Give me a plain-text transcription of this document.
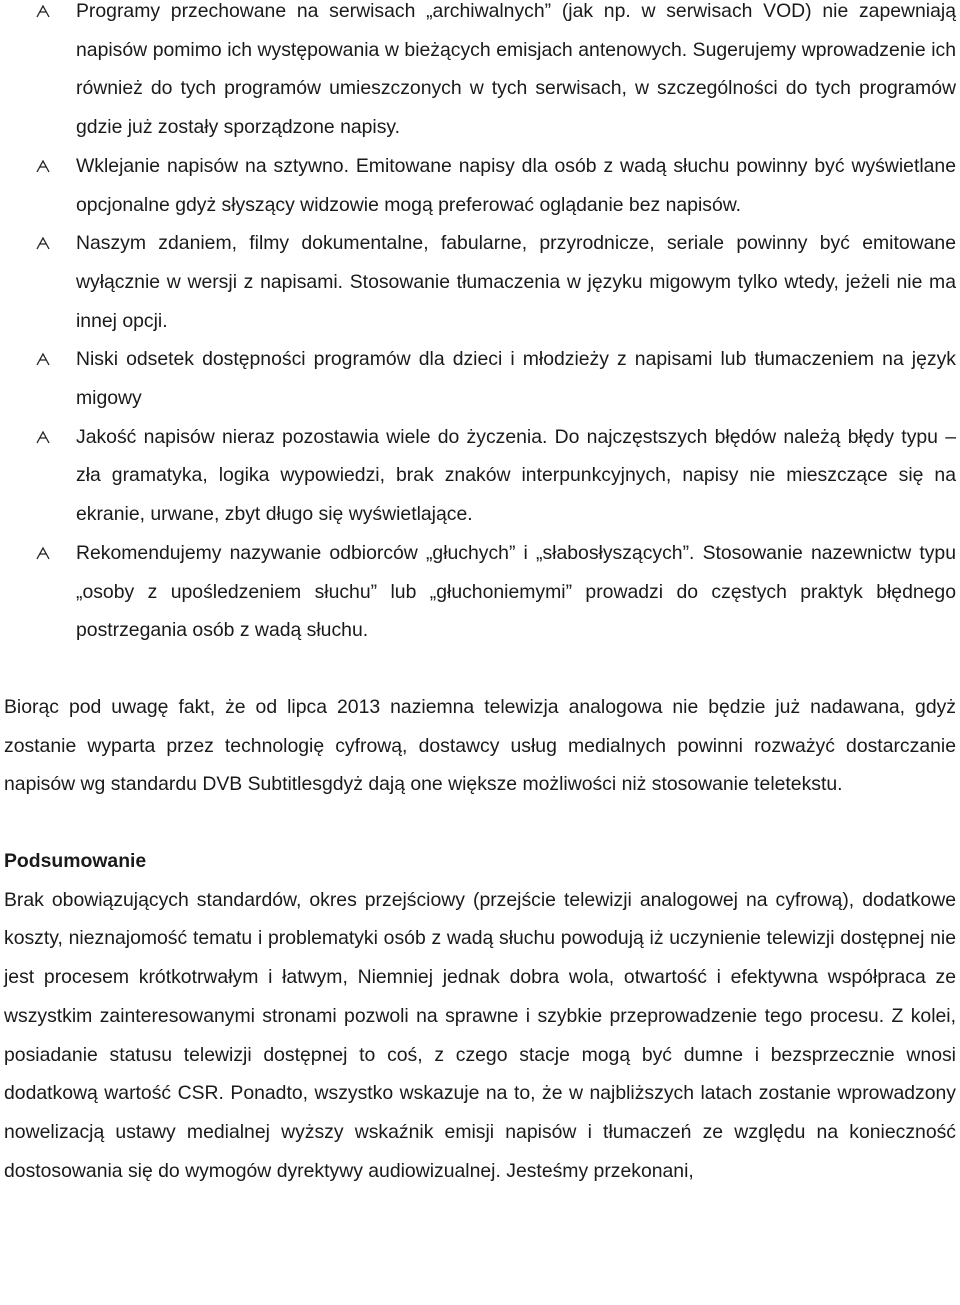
Programy przechowane na serwisach „archiwalnych” (jak np. w serwisach VOD) nie zapewniają napisów pomimo ich występowania w bieżących emisjach antenowych. Sugerujemy wprowadzenie ich również do tych programów umieszczonych w tych serwisach, w szczególności do tych programów gdzie już zostały sporządzone napisy.
Wklejanie napisów na sztywno. Emitowane napisy dla osób z wadą słuchu powinny być wyświetlane opcjonalne gdyż słyszący widzowie mogą preferować oglądanie bez napisów.
Naszym zdaniem, filmy dokumentalne, fabularne, przyrodnicze, seriale powinny być emitowane wyłącznie w wersji z napisami. Stosowanie tłumaczenia w języku migowym tylko wtedy, jeżeli nie ma innej opcji.
Niski odsetek dostępności programów dla dzieci i młodzieży z napisami lub tłumaczeniem na język migowy
Jakość napisów nieraz pozostawia wiele do życzenia. Do najczęstszych błędów należą błędy typu – zła gramatyka, logika wypowiedzi, brak znaków interpunkcyjnych, napisy nie mieszczące się na ekranie, urwane, zbyt długo się wyświetlające.
Rekomendujemy nazywanie odbiorców „głuchych” i „słabosłyszących”. Stosowanie nazewnictw typu „osoby z upośledzeniem słuchu” lub „głuchoniemymi” prowadzi do częstych praktyk błędnego postrzegania osób z wadą słuchu.

Biorąc pod uwagę fakt, że od lipca 2013 naziemna telewizja analogowa nie będzie już nadawana, gdyż zostanie wyparta przez technologię cyfrową, dostawcy usług medialnych powinni rozważyć dostarczanie napisów wg standardu DVB Subtitlesgdyż dają one większe możliwości niż stosowanie teletekstu.

Podsumowanie

Brak obowiązujących standardów, okres przejściowy (przejście telewizji analogowej na cyfrową), dodatkowe koszty, nieznajomość tematu i problematyki osób z wadą słuchu powodują iż uczynienie telewizji dostępnej nie jest procesem krótkotrwałym i łatwym, Niemniej jednak dobra wola, otwartość i efektywna współpraca ze wszystkim zainteresowanymi stronami pozwoli na sprawne i szybkie przeprowadzenie tego procesu. Z kolei, posiadanie statusu telewizji dostępnej to coś, z czego stacje mogą być dumne i bezsprzecznie wnosi dodatkową wartość CSR. Ponadto, wszystko wskazuje na to, że w najbliższych latach zostanie wprowadzony nowelizacją ustawy medialnej wyższy wskaźnik emisji napisów i tłumaczeń ze względu na konieczność dostosowania się do wymogów dyrektywy audiowizualnej. Jesteśmy przekonani,
